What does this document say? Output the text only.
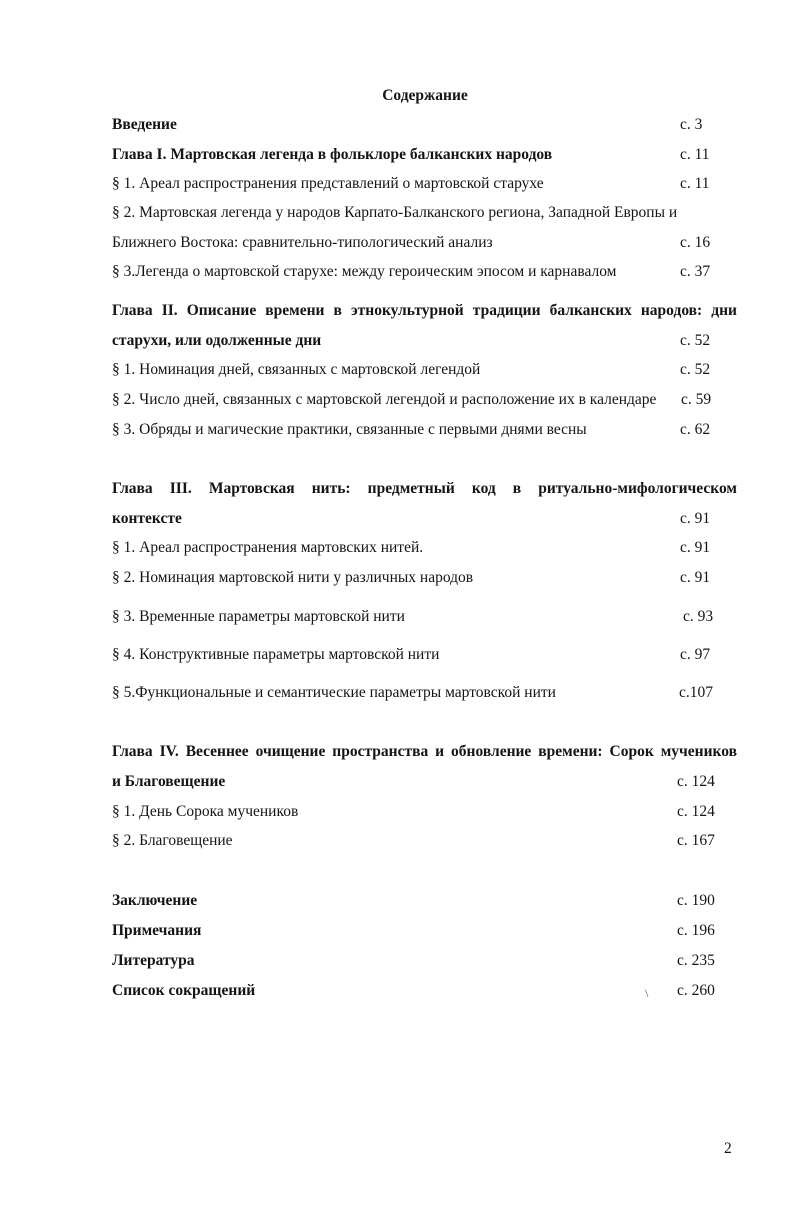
Содержание
Введение	с. 3
Глава I. Мартовская легенда в фольклоре балканских народов	с. 11
§ 1. Ареал распространения представлений о мартовской старухе	с. 11
§ 2. Мартовская легенда у народов Карпато-Балканского региона, Западной Европы и
Ближнего Востока: сравнительно-типологический анализ	с. 16
§ 3.Легенда о мартовской старухе: между героическим эпосом и карнавалом	с. 37
Глава II. Описание времени в этнокультурной традиции балканских народов: дни
старухи, или одолженные дни	с. 52
§ 1. Номинация дней, связанных с мартовской легендой	с. 52
§ 2. Число дней, связанных с мартовской легендой и расположение их в календаре с. 59
§ 3. Обряды и магические практики, связанные с первыми днями весны	с. 62
Глава III. Мартовская нить: предметный код в ритуально-мифологическом
контексте	с. 91
§ 1. Ареал распространения мартовских нитей.	с. 91
§ 2. Номинация мартовской нити у различных народов	с. 91
§ 3. Временные параметры мартовской нити	с. 93
§ 4. Конструктивные параметры мартовской нити	с. 97
§ 5.Функциональные и семантические параметры мартовской нити	с.107
Глава IV. Весеннее очищение пространства и обновление времени: Сорок мучеников
и Благовещение	с. 124
§ 1. День Сорока мучеников	с. 124
§ 2. Благовещение	с. 167
Заключение	с. 190
Примечания	с. 196
Литература	с. 235
Список сокращений	с. 260
\
2
